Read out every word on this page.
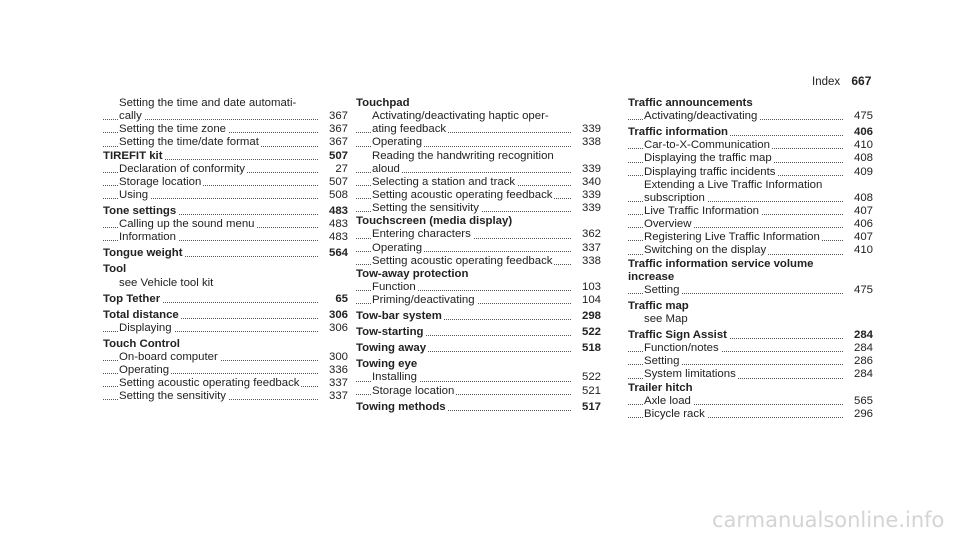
Index 667
Setting the time and date automati-
cally	367
Setting the time zone	367
Setting the time/date format	367
TIREFIT kit	507
Declaration of conformity	27
Storage location	507
Using	508
Tone settings	483
Calling up the sound menu	483
Information	483
Tongue weight	564
Tool
see Vehicle tool kit
Top Tether	65
Total distance	306
Displaying	306
Touch Control
On-board computer	300
Operating	336
Setting acoustic operating feedback	337
Setting the sensitivity	337
Touchpad
Activating/deactivating haptic oper-
ating feedback	339
Operating	338
Reading the handwriting recognition
aloud	339
Selecting a station and track	340
Setting acoustic operating feedback	339
Setting the sensitivity	339
Touchscreen (media display)
Entering characters	362
Operating	337
Setting acoustic operating feedback	338
Tow-away protection
Function	103
Priming/deactivating	104
Tow-bar system	298
Tow-starting	522
Towing away	518
Towing eye
Installing	522
Storage location	521
Towing methods	517
Traffic announcements
Activating/deactivating	475
Traffic information	406
Car-to-X-Communication	410
Displaying the traffic map	408
Displaying traffic incidents	409
Extending a Live Traffic Information
subscription	408
Live Traffic Information	407
Overview	406
Registering Live Traffic Information	407
Switching on the display	410
Traffic information service volume
increase
Setting	475
Traffic map
see Map
Traffic Sign Assist	284
Function/notes	284
Setting	286
System limitations	284
Trailer hitch
Axle load	565
Bicycle rack	296
carmanualsonline.info
